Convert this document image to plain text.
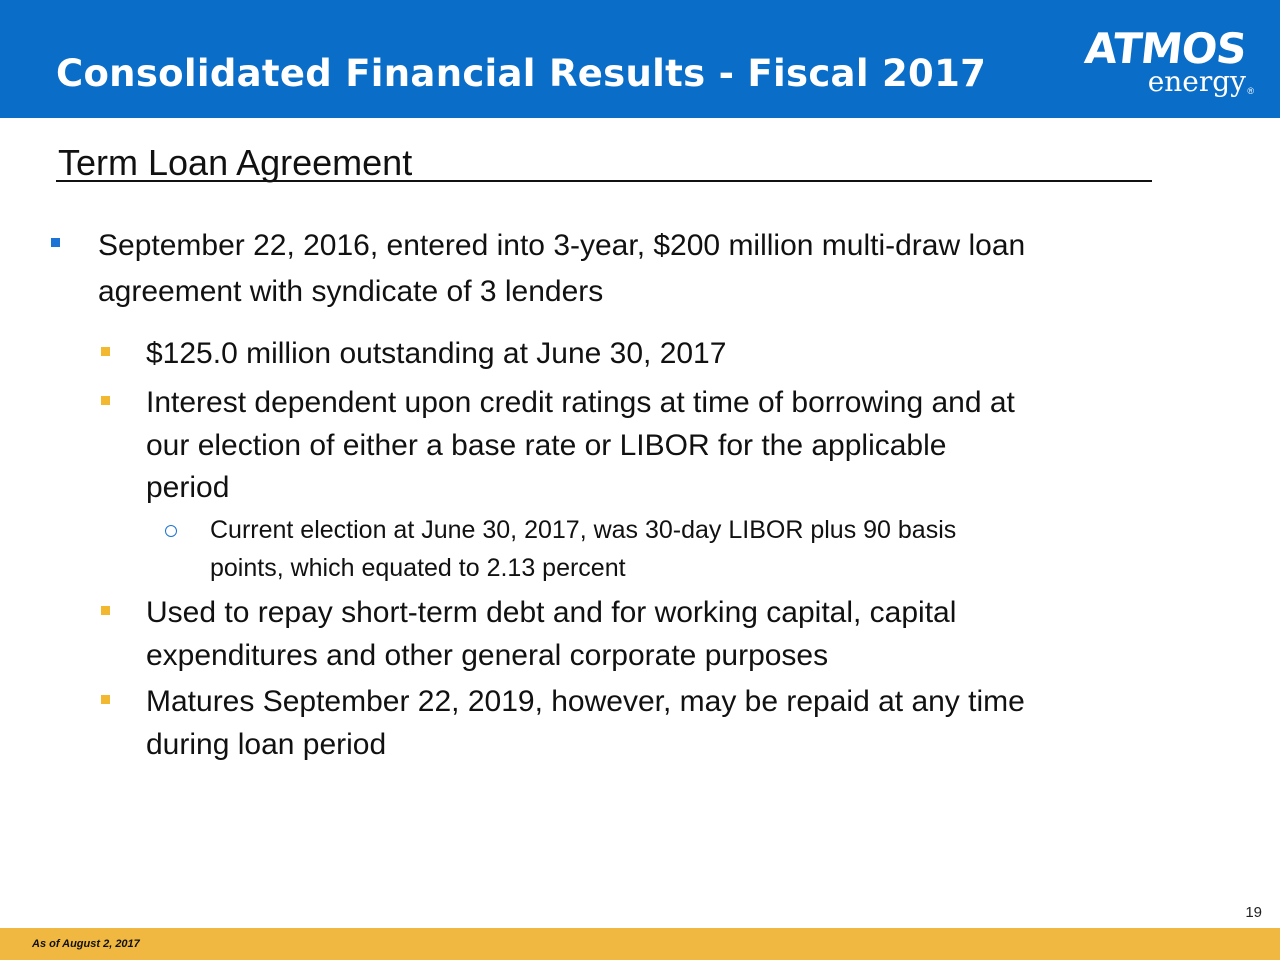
Consolidated Financial Results - Fiscal 2017
ATMOS
energy ®
Term Loan Agreement
September 22, 2016, entered into 3-year, $200 million multi-draw loan
agreement with syndicate of 3 lenders
$125.0 million outstanding at June 30, 2017
Interest dependent upon credit ratings at time of borrowing and at
our election of either a base rate or LIBOR for the applicable
period
Current election at June 30, 2017, was 30-day LIBOR plus 90 basis
points, which equated to 2.13 percent
Used to repay short-term debt and for working capital, capital
expenditures and other general corporate purposes
Matures September 22, 2019, however, may be repaid at any time
during loan period
19
As of August 2, 2017
